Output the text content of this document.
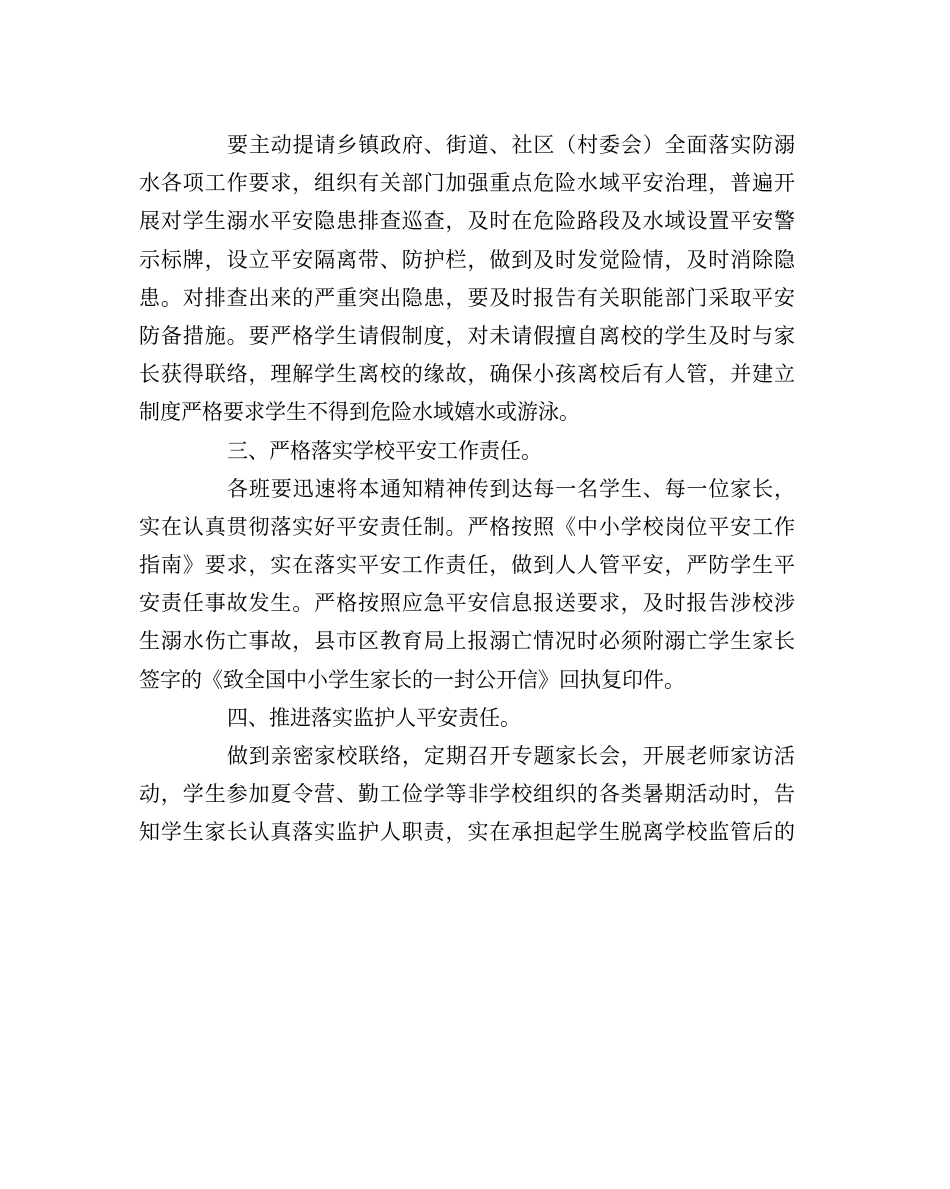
要主动提请乡镇政府、街道、社区（村委会）全面落实防溺
水各项工作要求，组织有关部门加强重点危险水域平安治理，普遍开
展对学生溺水平安隐患排查巡查，及时在危险路段及水域设置平安警
示标牌，设立平安隔离带、防护栏，做到及时发觉险情，及时消除隐
患。对排查出来的严重突出隐患，要及时报告有关职能部门采取平安
防备措施。要严格学生请假制度，对未请假擅自离校的学生及时与家
长获得联络，理解学生离校的缘故，确保小孩离校后有人管，并建立
制度严格要求学生不得到危险水域嬉水或游泳。
三、严格落实学校平安工作责任。
各班要迅速将本通知精神传到达每一名学生、每一位家长，
实在认真贯彻落实好平安责任制。严格按照《中小学校岗位平安工作
指南》要求，实在落实平安工作责任，做到人人管平安，严防学生平
安责任事故发生。严格按照应急平安信息报送要求，及时报告涉校涉
生溺水伤亡事故，县市区教育局上报溺亡情况时必须附溺亡学生家长
签字的《致全国中小学生家长的一封公开信》回执复印件。
四、推进落实监护人平安责任。
做到亲密家校联络，定期召开专题家长会，开展老师家访活
动，学生参加夏令营、勤工俭学等非学校组织的各类暑期活动时，告
知学生家长认真落实监护人职责，实在承担起学生脱离学校监管后的
